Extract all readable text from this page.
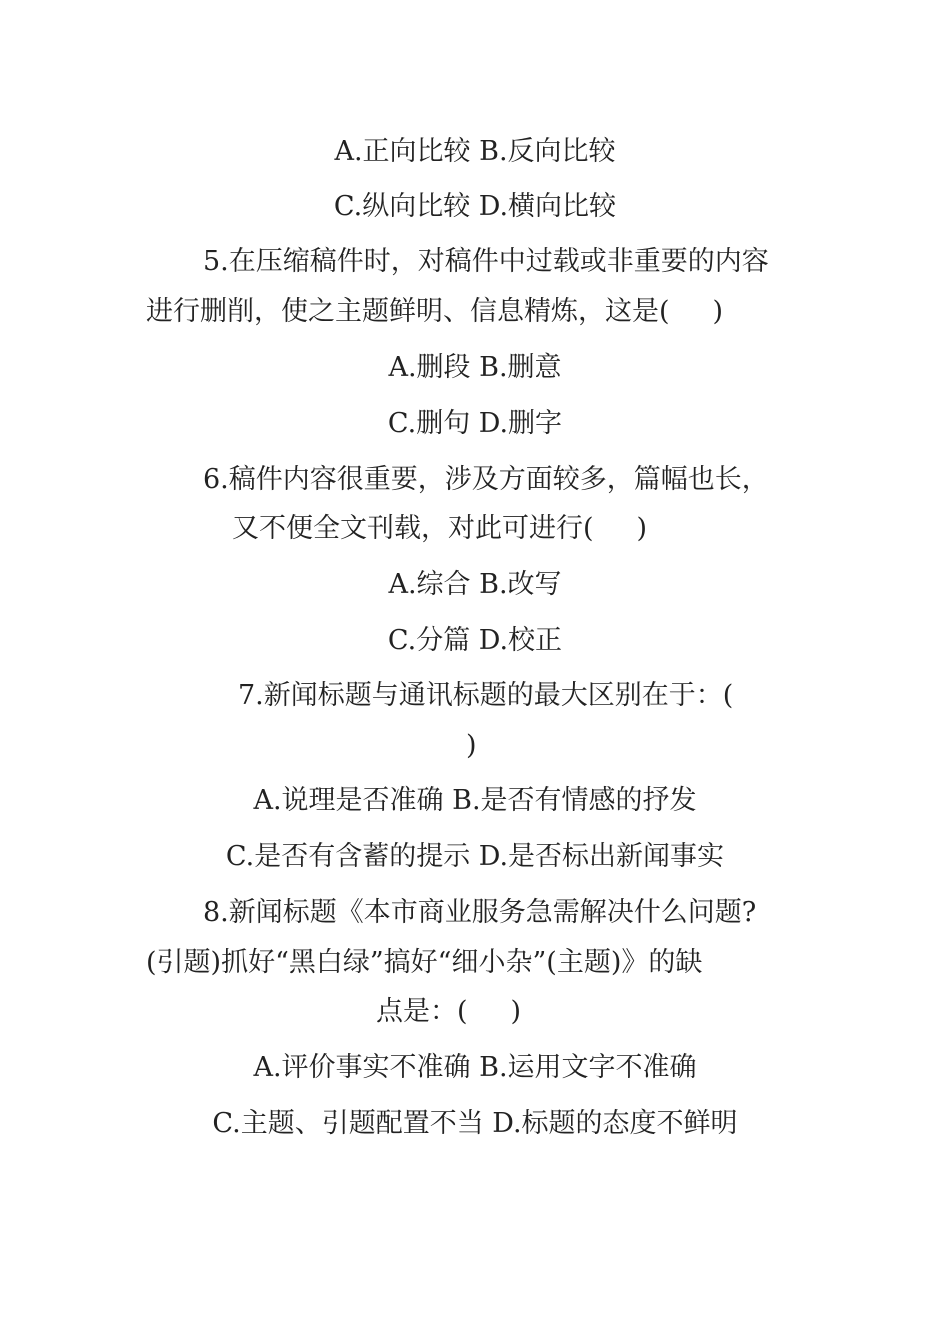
A.正向比较 B.反向比较
C.纵向比较 D.横向比较
5.在压缩稿件时，对稿件中过载或非重要的内容
进行删削，使之主题鲜明、信息精炼，这是(     )
A.删段 B.删意
C.删句 D.删字
6.稿件内容很重要，涉及方面较多，篇幅也长，
又不便全文刊载，对此可进行(     )
A.综合 B.改写
C.分篇 D.校正
7.新闻标题与通讯标题的最大区别在于：(
)
A.说理是否准确 B.是否有情感的抒发
C.是否有含蓄的提示 D.是否标出新闻事实
8.新闻标题《本市商业服务急需解决什么问题?
(引题)抓好“黑白绿”搞好“细小杂”(主题)》的缺
点是：(     )
A.评价事实不准确 B.运用文字不准确
C.主题、引题配置不当 D.标题的态度不鲜明
